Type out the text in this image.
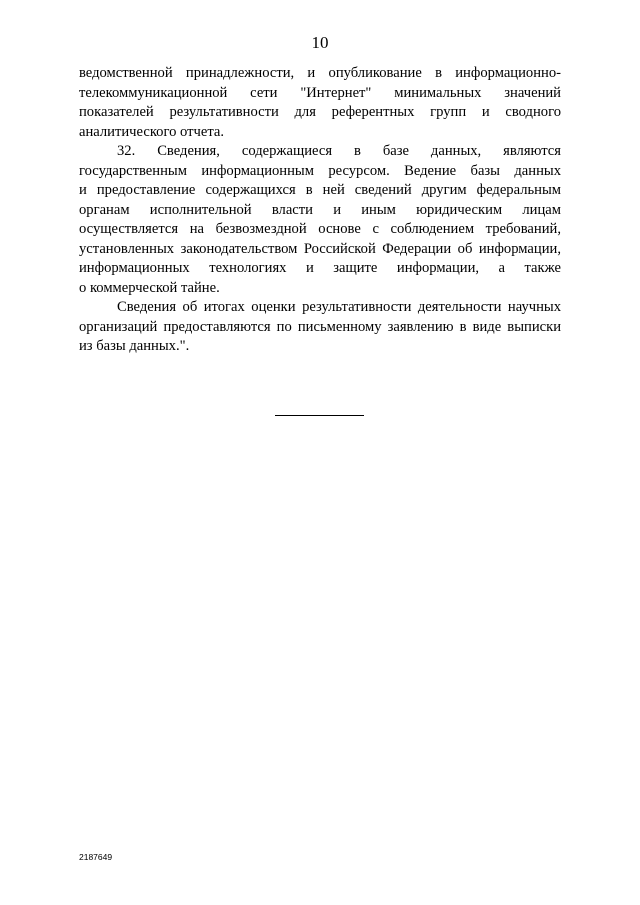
10
ведомственной принадлежности, и опубликование в информационно-
телекоммуникационной сети "Интернет" минимальных значений
показателей результативности для референтных групп и сводного
аналитического отчета.
32. Сведения, содержащиеся в базе данных, являются
государственным информационным ресурсом. Ведение базы данных
и предоставление содержащихся в ней сведений другим федеральным
органам исполнительной власти и иным юридическим лицам
осуществляется на безвозмездной основе с соблюдением требований,
установленных законодательством Российской Федерации об информации,
информационных технологиях и защите информации, а также
о коммерческой тайне.
Сведения об итогах оценки результативности деятельности научных
организаций предоставляются по письменному заявлению в виде выписки
из базы данных.".
2187649
